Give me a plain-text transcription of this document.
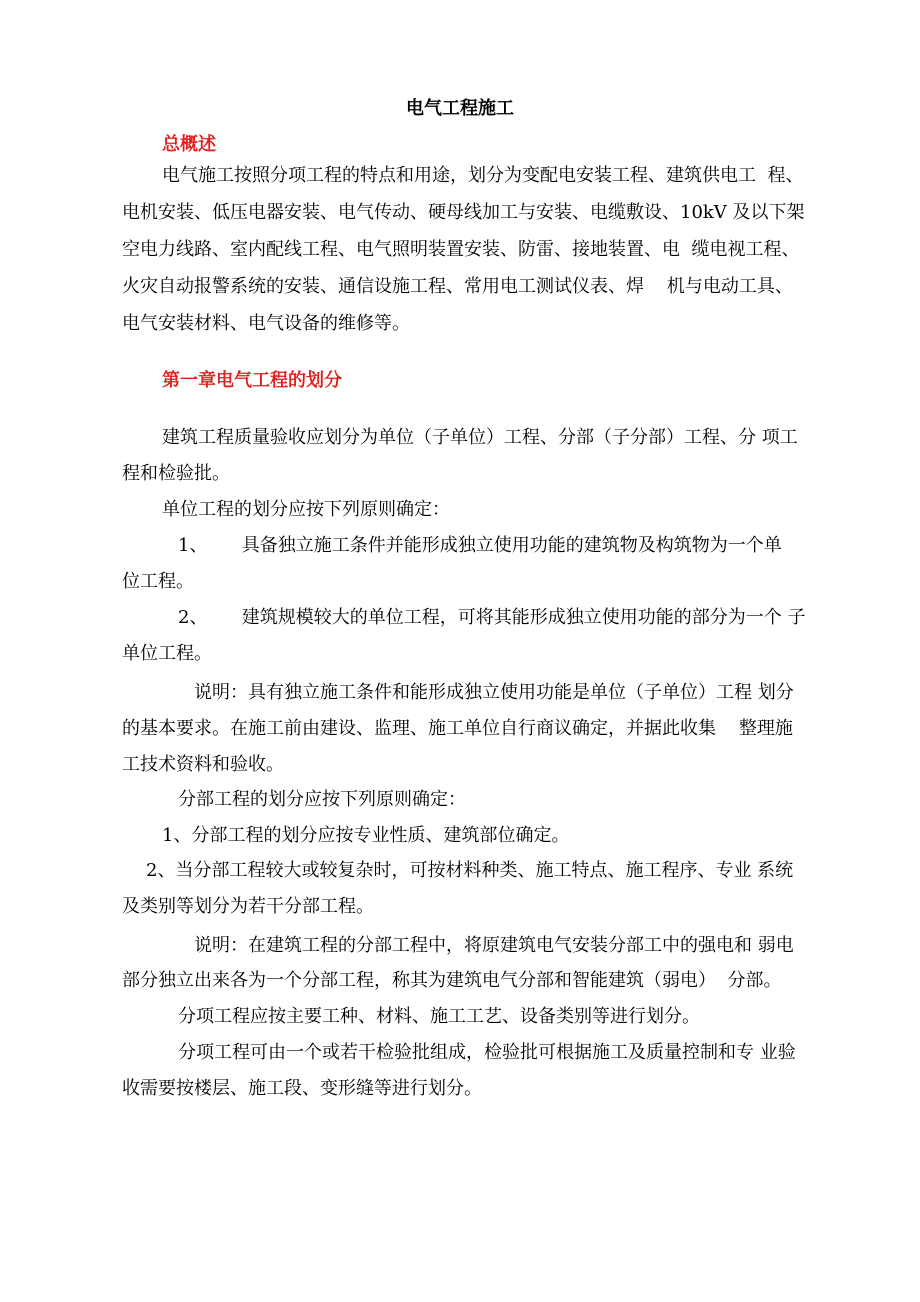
电气工程施工
总概述

电气施工按照分项工程的特点和用途，划分为变配电安装工程、建筑供电工  程、

电机安装、低压电器安装、电气传动、硬母线加工与安装、电缆敷设、10kV 及以下架

空电力线路、室内配线工程、电气照明装置安装、防雷、接地装置、电  缆电视工程、

火灾自动报警系统的安装、通信设施工程、常用电工测试仪表、焊    机与电动工具、

电气安装材料、电气设备的维修等。

第一章电气工程的划分

建筑工程质量验收应划分为单位（子单位）工程、分部（子分部）工程、分 项工

程和检验批。

单位工程的划分应按下列原则确定：

1、      具备独立施工条件并能形成独立使用功能的建筑物及构筑物为一个单

位工程。

2、      建筑规模较大的单位工程，可将其能形成独立使用功能的部分为一个 子

单位工程。

说明：具有独立施工条件和能形成独立使用功能是单位（子单位）工程 划分

的基本要求。在施工前由建设、监理、施工单位自行商议确定，并据此收集    整理施

工技术资料和验收。

分部工程的划分应按下列原则确定：

1、分部工程的划分应按专业性质、建筑部位确定。

2、当分部工程较大或较复杂时，可按材料种类、施工特点、施工程序、专业 系统

及类别等划分为若干分部工程。

说明：在建筑工程的分部工程中，将原建筑电气安装分部工中的强电和 弱电

部分独立出来各为一个分部工程，称其为建筑电气分部和智能建筑（弱电）  分部。

分项工程应按主要工种、材料、施工工艺、设备类别等进行划分。

分项工程可由一个或若干检验批组成，检验批可根据施工及质量控制和专 业验

收需要按楼层、施工段、变形缝等进行划分。
